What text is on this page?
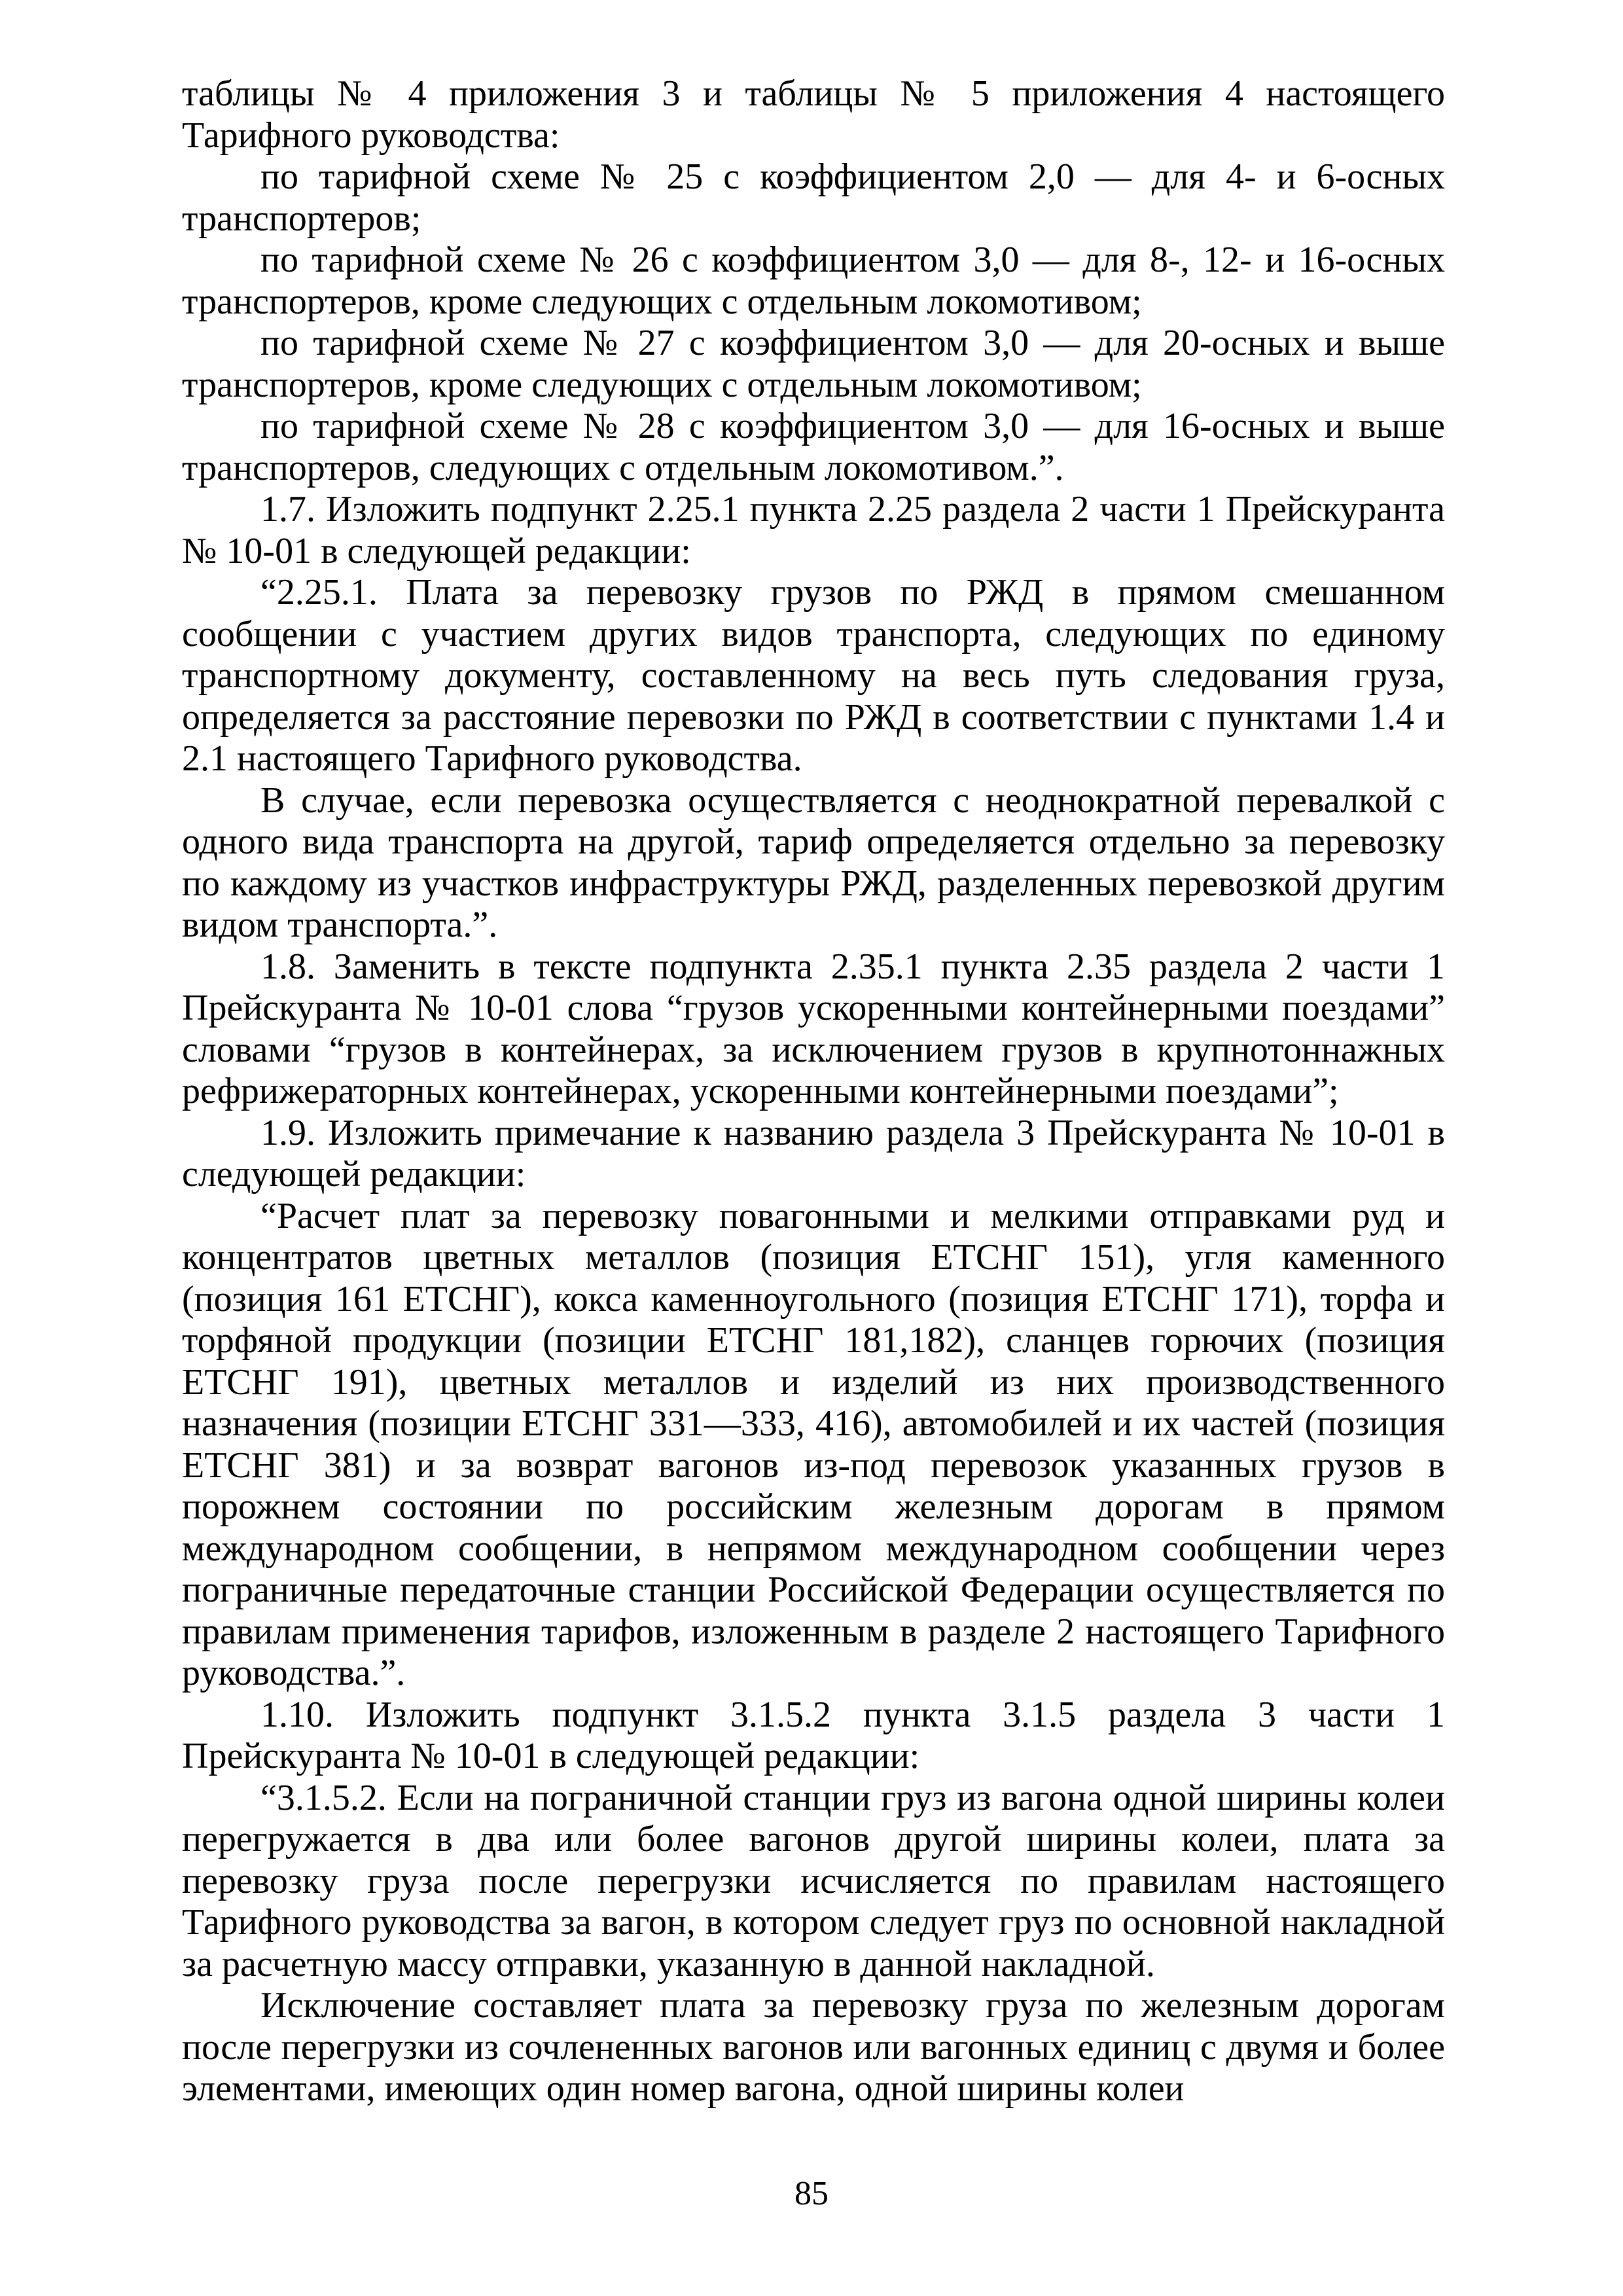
таблицы № 4 приложения 3 и таблицы № 5 приложения 4 настоящего Тарифного руководства:

по тарифной схеме № 25 с коэффициентом 2,0 — для 4- и 6-осных транспортеров;

по тарифной схеме № 26 с коэффициентом 3,0 — для 8-, 12- и 16-осных транспортеров, кроме следующих с отдельным локомотивом;

по тарифной схеме № 27 с коэффициентом 3,0 — для 20-осных и выше транспортеров, кроме следующих с отдельным локомотивом;

по тарифной схеме № 28 с коэффициентом 3,0 — для 16-осных и выше транспортеров, следующих с отдельным локомотивом.”.

1.7. Изложить подпункт 2.25.1 пункта 2.25 раздела 2 части 1 Прейскуранта № 10-01 в следующей редакции:

“2.25.1. Плата за перевозку грузов по РЖД в прямом смешанном сообщении с участием других видов транспорта, следующих по единому транспортному документу, составленному на весь путь следования груза, определяется за расстояние перевозки по РЖД в соответствии с пунктами 1.4 и 2.1 настоящего Тарифного руководства.

В случае, если перевозка осуществляется с неоднократной перевалкой с одного вида транспорта на другой, тариф определяется отдельно за перевозку по каждому из участков инфраструктуры РЖД, разделенных перевозкой другим видом транспорта.”.

1.8. Заменить в тексте подпункта 2.35.1 пункта 2.35 раздела 2 части 1 Прейскуранта № 10-01 слова “грузов ускоренными контейнерными поездами” словами “грузов в контейнерах, за исключением грузов в крупнотоннажных рефрижераторных контейнерах, ускоренными контейнерными поездами”;

1.9. Изложить примечание к названию раздела 3 Прейскуранта № 10-01 в следующей редакции:

“Расчет плат за перевозку повагонными и мелкими отправками руд и концентратов цветных металлов (позиция ЕТСНГ 151), угля каменного (позиция 161 ЕТСНГ), кокса каменноугольного (позиция ЕТСНГ 171), торфа и торфяной продукции (позиции ЕТСНГ 181,182), сланцев горючих (позиция ЕТСНГ 191), цветных металлов и изделий из них производственного назначения (позиции ЕТСНГ 331—333, 416), автомобилей и их частей (позиция ЕТСНГ 381) и за возврат вагонов из-под перевозок указанных грузов в порожнем состоянии по российским железным дорогам в прямом международном сообщении, в непрямом международном сообщении через пограничные передаточные станции Российской Федерации осуществляется по правилам применения тарифов, изложенным в разделе 2 настоящего Тарифного руководства.”.

1.10. Изложить подпункт 3.1.5.2 пункта 3.1.5 раздела 3 части 1 Прейскуранта № 10-01 в следующей редакции:

“3.1.5.2. Если на пограничной станции груз из вагона одной ширины колеи перегружается в два или более вагонов другой ширины колеи, плата за перевозку груза после перегрузки исчисляется по правилам настоящего Тарифного руководства за вагон, в котором следует груз по основной накладной за расчетную массу отправки, указанную в данной накладной.

Исключение составляет плата за перевозку груза по железным дорогам после перегрузки из сочлененных вагонов или вагонных единиц с двумя и более элементами, имеющих один номер вагона, одной ширины колеи

85
